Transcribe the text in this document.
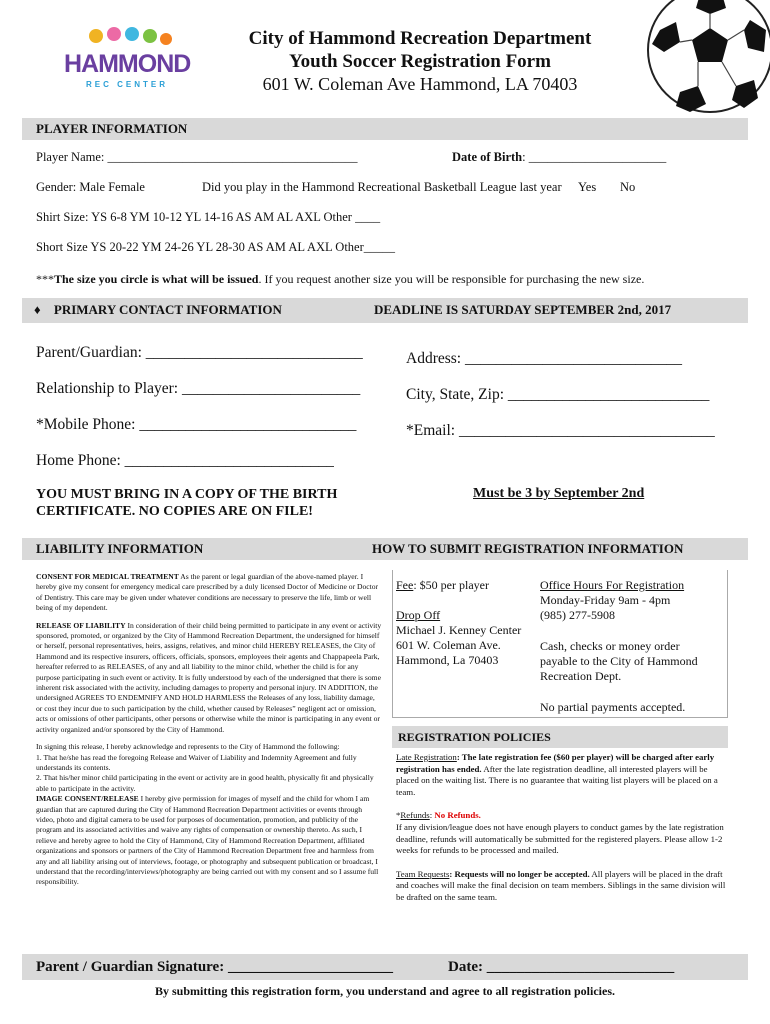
HAMMOND
REC CENTER
City of Hammond Recreation Department
Youth Soccer Registration Form
601 W. Coleman Ave Hammond, LA 70403
PLAYER INFORMATION
Player Name: ________________________________________	Date of Birth: ______________________
Gender: Male Female	Did you play in the Hammond Recreational Basketball League last year Yes No
Shirt Size: YS 6-8 YM 10-12 YL 14-16 AS AM AL AXL Other ____
Short Size YS 20-22 YM 24-26 YL 28-30 AS AM AL AXL Other_____
***The size you circle is what will be issued. If you request another size you will be responsible for purchasing the new size.
♦ PRIMARY CONTACT INFORMATION	DEADLINE IS SATURDAY SEPTEMBER 2nd, 2017
Parent/Guardian: ____________________________	Address: ____________________________
Relationship to Player: _______________________	City, State, Zip: __________________________
*Mobile Phone: ____________________________	*Email: _________________________________
Home Phone: ___________________________
YOU MUST BRING IN A COPY OF THE BIRTH
CERTIFICATE. NO COPIES ARE ON FILE!
Must be 3 by September 2nd
LIABILITY INFORMATION	HOW TO SUBMIT REGISTRATION INFORMATION

CONSENT FOR MEDICAL TREATMENT As the parent or legal guardian of the above-named player. I hereby give my consent for emergency medical care prescribed by a duly licensed Doctor of Medicine or Doctor of Dentistry. This care may be given under whatever conditions are necessary to preserve the life, limb or well being of my dependent.

RELEASE OF LIABILITY In consideration of their child being permitted to participate in any event or activity sponsored, promoted, or organized by the City of Hammond Recreation Department, the undersigned for himself or herself, personal representatives, heirs, assigns, relatives, and minor child HEREBY RELEASES, the City of Hammond and its respective insurers, officers, officials, sponsors, employees their agents and Chappapeela Park, hereafter referred to as RELEASES, of any and all liability to the minor child, whether the child is for any purpose participating in such event or activity. It is fully understood by each of the undersigned that there is some inherent risk associated with the activity, including damages to property and personal injury. IN ADDITION, the undersigned AGREES TO ENDEMNIFY AND HOLD HARMLESS the Releases of any loss, liability damage, or cost they incur due to such participation by the child, whether caused by Releases” negligent act or omission, acts or omissions of other participants, other persons or otherwise while the minor is participating in any event or activity organized and/or sponsored by the City of Hammond.

In signing this release, I hereby acknowledge and represents to the City of Hammond the following:

1. That he/she has read the foregoing Release and Waiver of Liability and Indemnity Agreement and fully understands its contents.

2. That his/her minor child participating in the event or activity are in good health, physically fit and physically able to participate in the activity.

IMAGE CONSENT/RELEASE I hereby give permission for images of myself and the child for whom I am guardian that are captured during the City of Hammond Recreation Department activities or events through video, photo and digital camera to be used for purposes of documentation, promotion, and publicity of the program and its associated activities and waive any rights of compensation or ownership thereto. As such, I relieve and hereby agree to hold the City of Hammond, City of Hammond Recreation Department, affiliated organizations and sponsors or partners of the City of Hammond Recreation Department free and harmless from any and all liability arising out of interviews, footage, or photography and subsequent publication or broadcast, I understand that the recording/interviews/photography are being carried out with my consent and so I assume full responsibility.

Fee: $50 per player
Drop Off
Michael J. Kenney Center
601 W. Coleman Ave.
Hammond, La 70403
Office Hours For Registration
Monday-Friday 9am - 4pm
(985) 277-5908
Cash, checks or money order payable to the City of Hammond Recreation Dept.
No partial payments accepted.
REGISTRATION POLICIES

Late Registration: The late registration fee ($60 per player) will be charged after early registration has ended. After the late registration deadline, all interested players will be placed on the waiting list. There is no guarantee that waiting list players will be placed on a team.

*Refunds: No Refunds.
If any division/league does not have enough players to conduct games by the late registration deadline, refunds will automatically be submitted for the registered players. Please allow 1-2 weeks for refunds to be processed and mailed.

Team Requests: Requests will no longer be accepted. All players will be placed in the draft and coaches will make the final decision on team members. Siblings in the same division will be drafted on the same team.

Parent / Guardian Signature: ______________________	Date: _________________________
By submitting this registration form, you understand and agree to all registration policies.
